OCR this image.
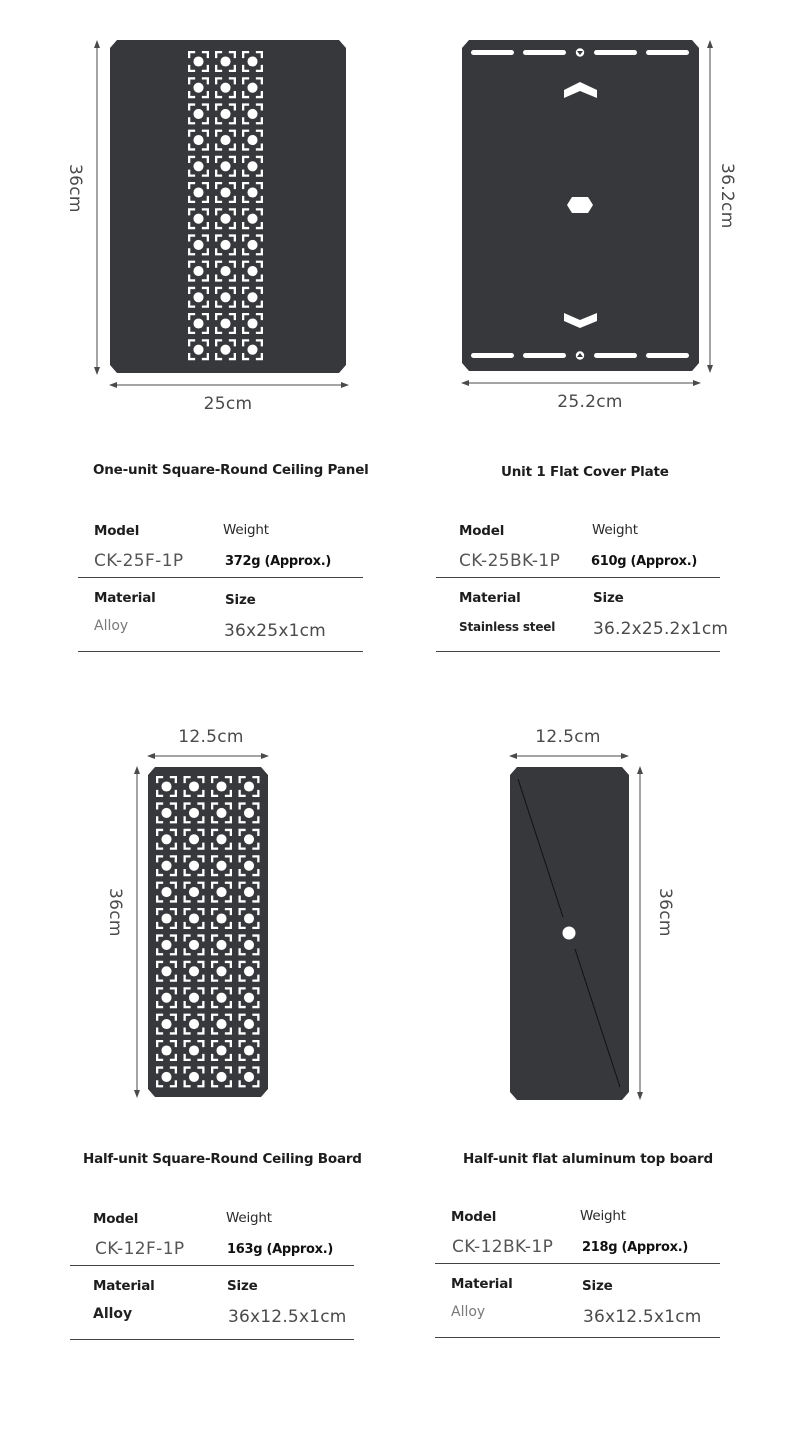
36cm
25cm
One-unit Square-Round Ceiling Panel
Model	Weight
CK-25F-1P	372g (Approx.)
Material	Size
Alloy	36x25x1cm
36.2cm
25.2cm
Unit 1 Flat Cover Plate
Model	Weight
CK-25BK-1P 610g (Approx.)
Material	Size
Stainless steel 36.2x25.2x1cm
12.5cm
36cm
Half-unit Square-Round Ceiling Board
Model	Weight
CK-12F-1P	163g (Approx.)
Material	Size
Alloy	36x12.5x1cm
12.5cm
36cm
Half-unit flat aluminum top board
Model	Weight
CK-12BK-1P 218g (Approx.)
Material	Size
Alloy	36x12.5x1cm
